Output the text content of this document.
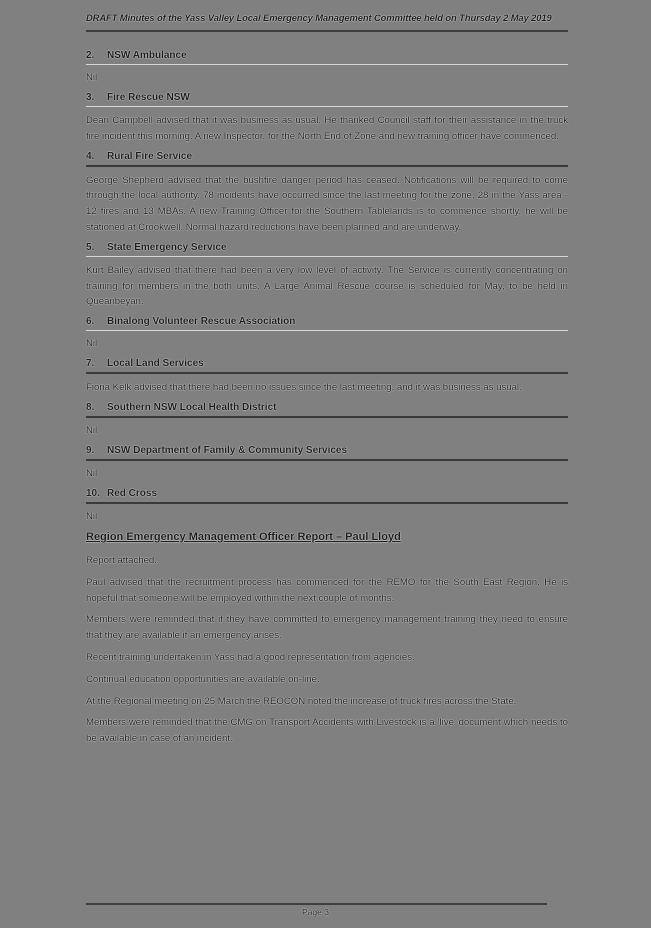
DRAFT Minutes of the Yass Valley Local Emergency Management Committee held on Thursday 2 May 2019
2. NSW Ambulance
Nil
3. Fire Rescue NSW
Dean Campbell advised that it was business as usual. He thanked Council staff for their assistance in the truck fire incident this morning. A new Inspector, for the North End of Zone and new training officer have commenced.
4. Rural Fire Service
George Shepherd advised that the bushfire danger period has ceased. Notifications will be required to come through the local authority. 78 incidents have occurred since the last meeting for the zone, 28 in the Yass area - 12 fires and 13 MBAs. A new Training Officer for the Southern Tablelands is to commence shortly, he will be stationed at Crookwell. Normal hazard reductions have been planned and are underway.
5. State Emergency Service
Kurt Bailey advised that there had been a very low level of activity. The Service is currently concentrating on training for members in the both units. A Large Animal Rescue course is scheduled for May, to be held in Queanbeyan.
6. Binalong Volunteer Rescue Association
Nil
7. Local Land Services
Fiona Kelk advised that there had been no issues since the last meeting, and it was business as usual.
8. Southern NSW Local Health District
Nil
9. NSW Department of Family & Community Services
Nil
10. Red Cross
Nil
Region Emergency Management Officer Report – Paul Lloyd
Report attached.
Paul advised that the recruitment process has commenced for the REMO for the South East Region. He is hopeful that someone will be employed within the next couple of months.
Members were reminded that if they have committed to emergency management training they need to ensure that they are available if an emergency arises.
Recent training undertaken in Yass had a good representation from agencies.
Continual education opportunities are available on-line.
At the Regional meeting on 25 March the REOCON noted the increase of truck fires across the State.
Members were reminded that the CMG on Transport Accidents with Livestock is a ‘live’ document which needs to be available in case of an incident.
Page 3
